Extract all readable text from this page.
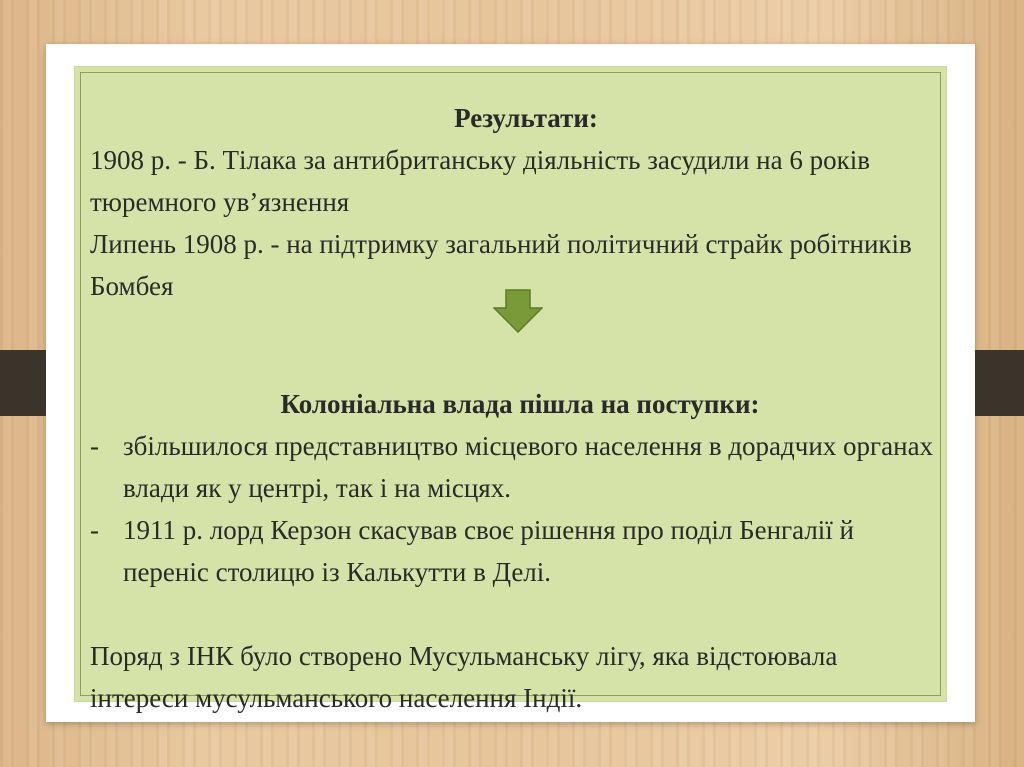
Результати:

1908 р. - Б. Тілака за антибританську діяльність засудили на 6 років тюремного ув’язнення

Липень 1908 р. - на підтримку загальний політичний страйк робітників Бомбея

Колоніальна влада пішла на поступки:
- збільшилося представництво місцевого населення в дорадчих органах влади як у центрі, так і на місцях.
- 1911 р. лорд Керзон скасував своє рішення про поділ Бенгалії й переніс столицю із Калькутти в Делі.

Поряд з ІНК було створено Мусульманську лігу, яка відстоювала інтереси мусульманського населення Індії.
